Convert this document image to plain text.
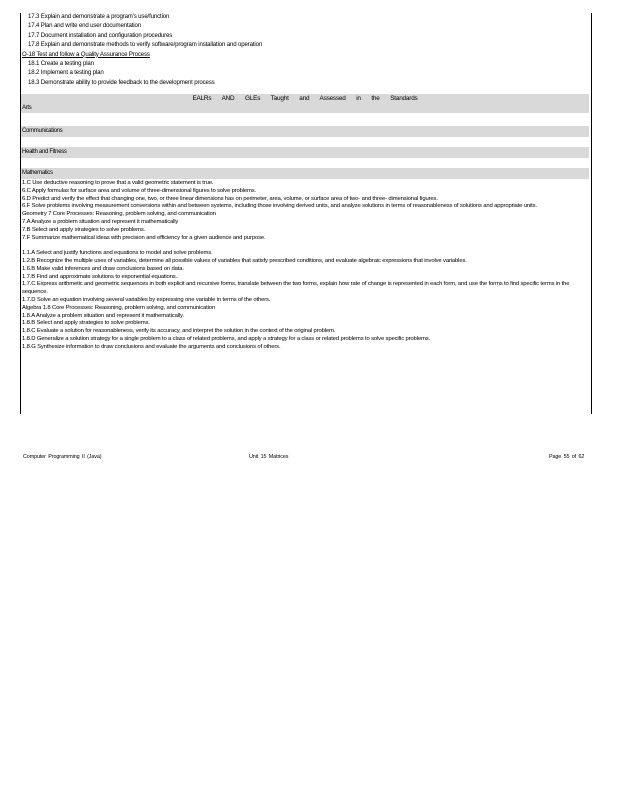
17.3 Explain and demonstrate a program's use/function
17.4 Plan and write end user documentation
17.7 Document installation and configuration procedures
17.8 Explain and demonstrate methods to verify software/program installation and operation
O-18 Test and follow a Quality Assurance Process
18.1 Create a testing plan
18.2 Implement a testing plan
18.3 Demonstrate ability to provide feedback to the development process
EALRs AND GLEs Taught and Assessed in the Standards
Arts
Communications
Health and Fitness
Mathematics
1.C Use deductive reasoning to prove that a valid geometric statement is true.
6.C Apply formulas for surface area and volume of three-dimensional figures to solve problems.
6.D Predict and verify the effect that changing one, two, or three linear dimensions has on perimeter, area, volume, or surface area of two- and three- dimensional figures.
6.F Solve problems involving measurement conversions within and between systems, including those involving derived units, and analyze solutions in terms of reasonableness of solutions and appropriate units.
Geometry 7 Core Processes: Reasoning, problem solving, and communication
7.A Analyze a problem situation and represent it mathematically
7.B Select and apply strategies to solve problems.
7.F Summarize mathematical ideas with precision and efficiency for a given audience and purpose.
1.1.A Select and justify functions and equations to model and solve problems.
1.2.B Recognize the multiple uses of variables, determine all possible values of variables that satisfy prescribed conditions, and evaluate algebraic expressions that involve variables.
1.6.B Make valid inferences and draw conclusions based on data.
1.7.B Find and approximate solutions to exponential equations.
1.7.C Express arithmetic and geometric sequences in both explicit and recursive forms, translate between the two forms, explain how rate of change is represented in each form, and use the forms to find specific terms in the sequence.
1.7.D Solve an equation involving several variables by expressing one variable in terms of the others.
Algebra 1.8 Core Processes: Reasoning, problem solving, and communication
1.8.A Analyze a problem situation and represent it mathematically.
1.8.B Select and apply strategies to solve problems.
1.8.C Evaluate a solution for reasonableness, verify its accuracy, and interpret the solution in the context of the original problem.
1.8.D Generalize a solution strategy for a single problem to a class of related problems, and apply a strategy for a class or related problems to solve specific problems.
1.8.G Synthesize information to draw conclusions and evaluate the arguments and conclusions of others.
Computer Programming II (Java)	Unit 15 Matrices	Page 55 of 62
